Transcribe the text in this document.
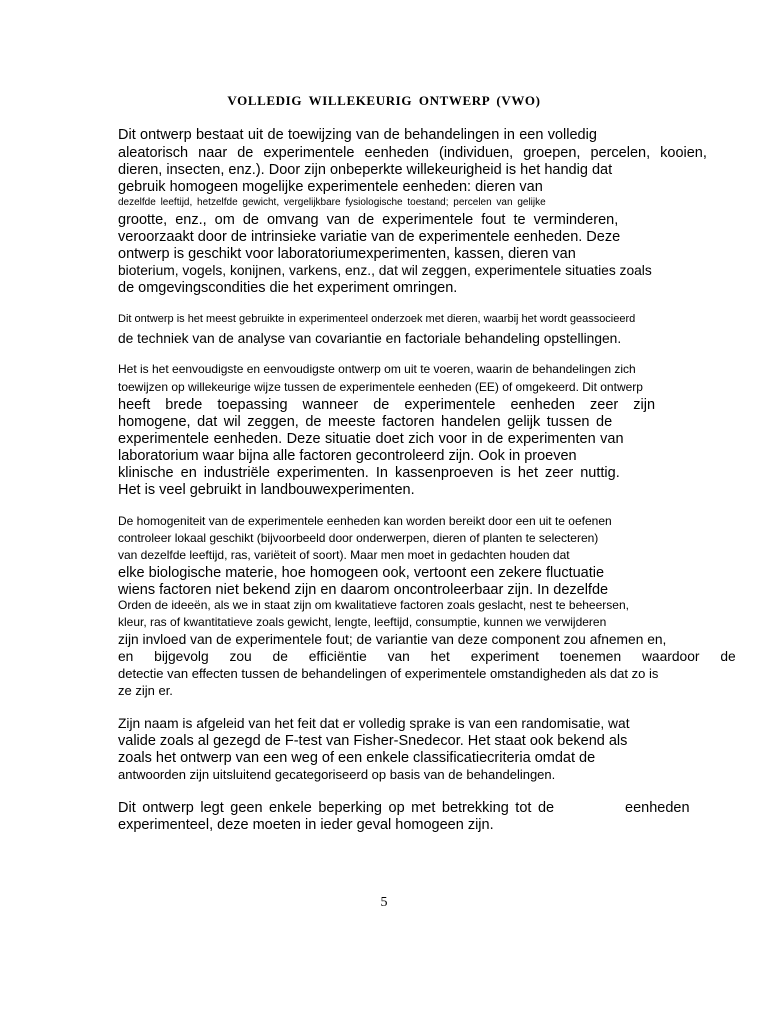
VOLLEDIG WILLEKEURIG ONTWERP (VWO)

Dit ontwerp bestaat uit de toewijzing van de behandelingen in een volledig

aleatorisch naar de experimentele eenheden (individuen, groepen, percelen, kooien,

dieren, insecten, enz.). Door zijn onbeperkte willekeurigheid is het handig dat

gebruik homogeen mogelijke experimentele eenheden: dieren van

dezelfde leeftijd, hetzelfde gewicht, vergelijkbare fysiologische toestand; percelen van gelijke

grootte, enz., om de omvang van de experimentele fout te verminderen,

veroorzaakt door de intrinsieke variatie van de experimentele eenheden. Deze

ontwerp is geschikt voor laboratoriumexperimenten, kassen, dieren van

bioterium, vogels, konijnen, varkens, enz., dat wil zeggen, experimentele situaties zoals

de omgevingscondities die het experiment omringen.

Dit ontwerp is het meest gebruikte in experimenteel onderzoek met dieren, waarbij het wordt geassocieerd

de techniek van de analyse van covariantie en factoriale behandeling opstellingen.

Het is het eenvoudigste en eenvoudigste ontwerp om uit te voeren, waarin de behandelingen zich

toewijzen op willekeurige wijze tussen de experimentele eenheden (EE) of omgekeerd. Dit ontwerp

heeft brede toepassing wanneer de experimentele eenheden zeer zijn

homogene, dat wil zeggen, de meeste factoren handelen gelijk tussen de

experimentele eenheden. Deze situatie doet zich voor in de experimenten van

laboratorium waar bijna alle factoren gecontroleerd zijn. Ook in proeven

klinische en industriële experimenten. In kassenproeven is het zeer nuttig.

Het is veel gebruikt in landbouwexperimenten.

De homogeniteit van de experimentele eenheden kan worden bereikt door een uit te oefenen

controleer lokaal geschikt (bijvoorbeeld door onderwerpen, dieren of planten te selecteren)

van dezelfde leeftijd, ras, variëteit of soort). Maar men moet in gedachten houden dat

elke biologische materie, hoe homogeen ook, vertoont een zekere fluctuatie

wiens factoren niet bekend zijn en daarom oncontroleerbaar zijn. In dezelfde

Orden de ideeën, als we in staat zijn om kwalitatieve factoren zoals geslacht, nest te beheersen,

kleur, ras of kwantitatieve zoals gewicht, lengte, leeftijd, consumptie, kunnen we verwijderen

zijn invloed van de experimentele fout; de variantie van deze component zou afnemen en,

en bijgevolg zou de efficiëntie van het experiment toenemen waardoor de

detectie van effecten tussen de behandelingen of experimentele omstandigheden als dat zo is

ze zijn er.

Zijn naam is afgeleid van het feit dat er volledig sprake is van een randomisatie, wat

valide zoals al gezegd de F-test van Fisher-Snedecor. Het staat ook bekend als

zoals het ontwerp van een weg of een enkele classificatiecriteria omdat de

antwoorden zijn uitsluitend gecategoriseerd op basis van de behandelingen.

Dit ontwerp legt geen enkele beperking op met betrekking tot de	eenheden

experimenteel, deze moeten in ieder geval homogeen zijn.

5
